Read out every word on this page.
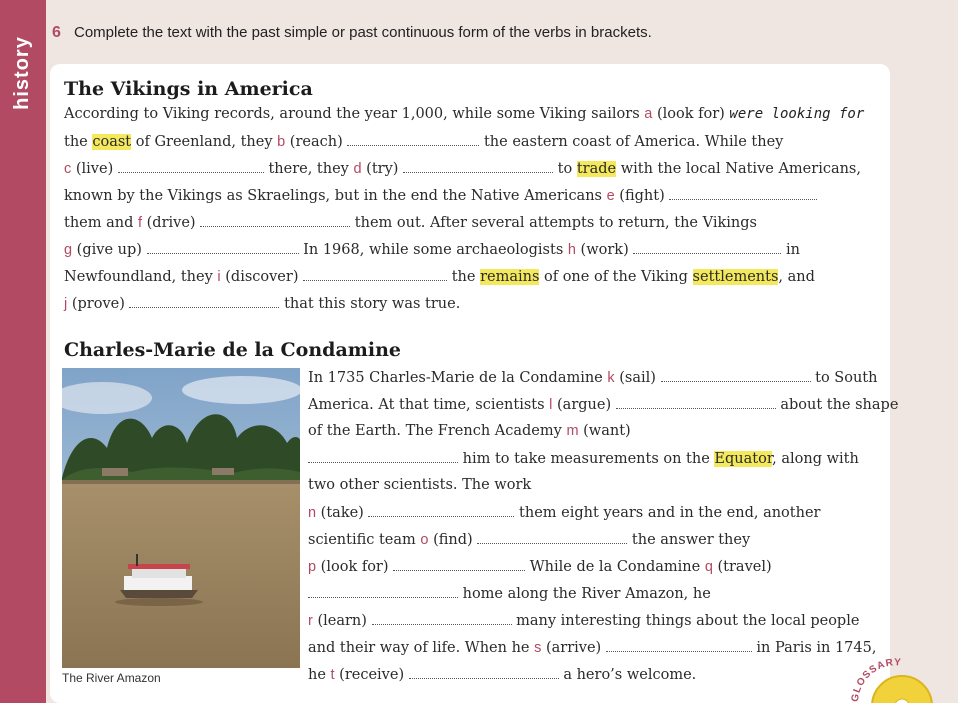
history
6 Complete the text with the past simple or past continuous form of the verbs in brackets.
The Vikings in America
According to Viking records, around the year 1,000, while some Viking sailors a (look for) were looking for
the coast of Greenland, they b (reach)	the eastern coast of America. While they
c (live)	there, they d (try)	to trade with the local Native Americans,
known by the Vikings as Skraelings, but in the end the Native Americans e (fight)
them and f (drive)	them out. After several attempts to return, the Vikings
g (give up)	In 1968, while some archaeologists h (work)	in
Newfoundland, they i (discover)	the remains of one of the Viking settlements, and
j (prove)	that this story was true.
Charles-Marie de la Condamine
The River Amazon
In 1735 Charles-Marie de la Condamine k (sail)	to South
America. At that time, scientists l (argue)	about the shape
of the Earth. The French Academy m (want)
him to take measurements on the Equator, along with
two other scientists. The work
n (take)	them eight years and in the end, another
scientific team o (find)	the answer they
p (look for)	While de la Condamine q (travel)
home along the River Amazon, he
r (learn)	many interesting things about the local people
and their way of life. When he s (arrive)	in Paris in 1745,
he t (receive)	a hero’s welcome.
GLOSSARY
